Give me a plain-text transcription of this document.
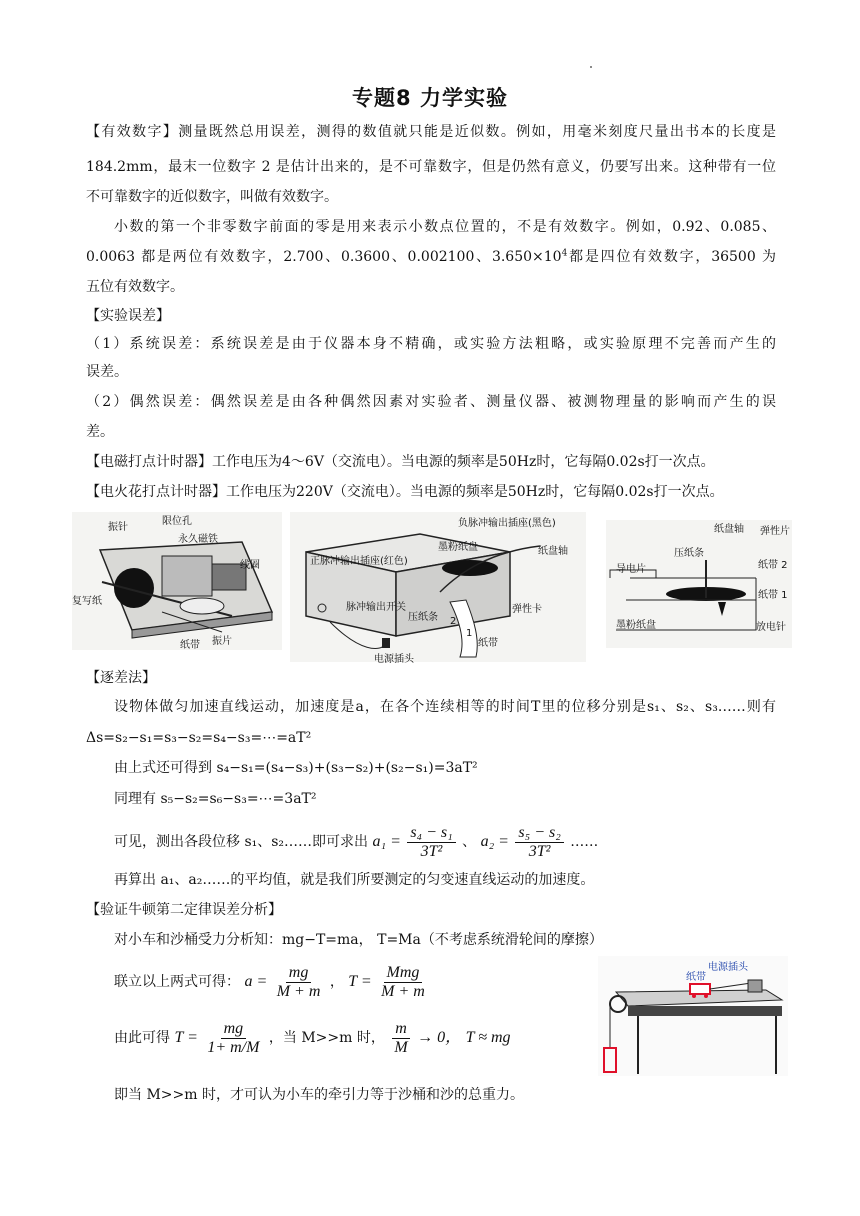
专题8 力学实验
【有效数字】测量既然总用误差，测得的数值就只能是近似数。例如，用毫米刻度尺量出书本的长度是
184.2mm，最末一位数字 2 是估计出来的，是不可靠数字，但是仍然有意义，仍要写出来。这种带有一位
不可靠数字的近似数字，叫做有效数字。
小数的第一个非零数字前面的零是用来表示小数点位置的，不是有效数字。例如，0.92、0.085、
0.0063 都是两位有效数字，2.700、0.3600、0.002100、$3.650\times 10^4$都是四位有效数字，36500 为
五位有效数字。
【实验误差】
（1）系统误差：系统误差是由于仪器本身不精确，或实验方法粗略，或实验原理不完善而产生的
误差。
（2）偶然误差：偶然误差是由各种偶然因素对实验者、测量仪器、被测物理量的影响而产生的误
差。
【电磁打点计时器】工作电压为4～6V（交流电）。当电源的频率是50Hz时，它每隔0.02s打一次点。
【电火花打点计时器】工作电压为220V（交流电）。当电源的频率是50Hz时，它每隔0.02s打一次点。
振针
限位孔
永久磁铁
线圈
复写纸
纸带 振片
负脉冲输出插座(黑色)
正脉冲输出插座(红色)
墨粉纸盘	纸盘轴
脉冲输出开关
压纸条
弹性卡
纸带
电源插头
2
1
纸盘轴 弹性片
压纸条
导电片	纸带 2
纸带 1
墨粉纸盘	放电针
【逐差法】
设物体做匀加速直线运动，加速度是a，在各个连续相等的时间T里的位移分别是s₁、s₂、s₃……则有
Δs=s₂−s₁=s₃−s₂=s₄−s₃=⋯=aT²
由上式还可得到 s₄−s₁=(s₄−s₃)+(s₃−s₂)+(s₂−s₁)=3aT²
同理有 s₅−s₂=s₆−s₃=⋯=3aT²
可见，测出各段位移 s₁、s₂……即可求出 $a_1 = \frac{\text{s₄ − s₁}}{\text{3T²}}$ 、 $a_2 = \frac{\text{s₅ − s₂}}{\text{3T²}}$ ……
再算出 a₁、a₂……的平均值，就是我们所要测定的匀变速直线运动的加速度。
【验证牛顿第二定律误差分析】
对小车和沙桶受力分析知：mg−T=ma， T=Ma（不考虑系统滑轮间的摩擦）
联立以上两式可得： $a = \frac{mg}{M + m}$ ， $T = \frac{\text{Mmg}}{M + m}$
由此可得 $T = \frac{mg}{1+ m/M}$ ，当 M>>m 时， $\frac{m}{M} \to 0$， T ≈ mg
即当 M>>m 时，才可认为小车的牵引力等于沙桶和沙的总重力。
电源插头
纸带
